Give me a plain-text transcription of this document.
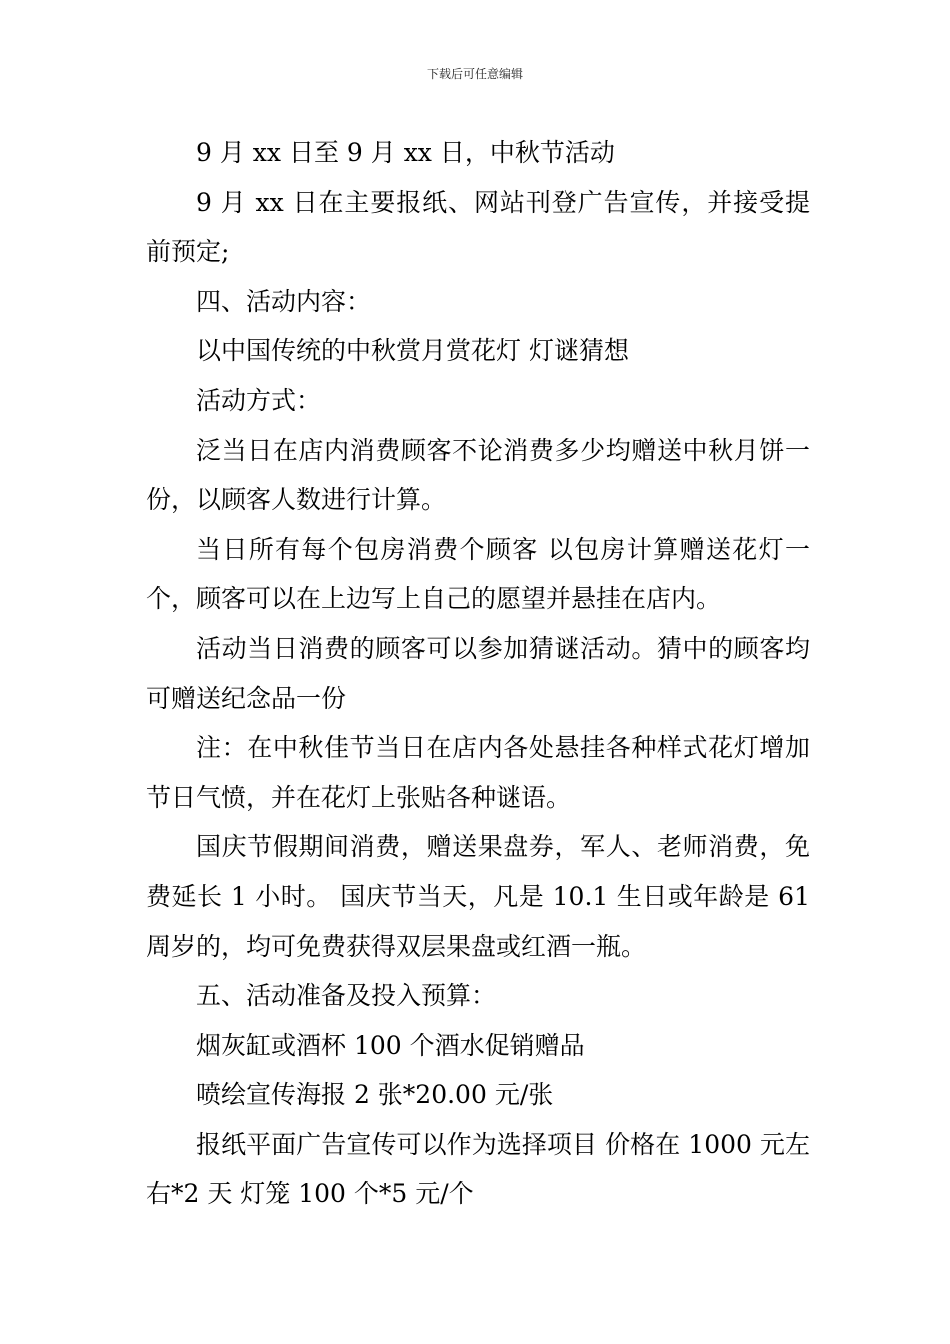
下载后可任意编辑

9 月 xx 日至 9 月 xx 日，中秋节活动

9 月 xx 日在主要报纸、网站刊登广告宣传，并接受提前预定;

四、活动内容：

以中国传统的中秋赏月赏花灯 灯谜猜想

活动方式：

泛当日在店内消费顾客不论消费多少均赠送中秋月饼一份，以顾客人数进行计算。

当日所有每个包房消费个顾客 以包房计算赠送花灯一个，顾客可以在上边写上自己的愿望并悬挂在店内。

活动当日消费的顾客可以参加猜谜活动。猜中的顾客均可赠送纪念品一份

注：在中秋佳节当日在店内各处悬挂各种样式花灯增加节日气愤，并在花灯上张贴各种谜语。

国庆节假期间消费，赠送果盘券，军人、老师消费，免费延长 1 小时。 国庆节当天，凡是 10.1 生日或年龄是 61 周岁的，均可免费获得双层果盘或红酒一瓶。

五、活动准备及投入预算：

烟灰缸或酒杯 100 个酒水促销赠品

喷绘宣传海报 2 张*20.00 元/张

报纸平面广告宣传可以作为选择项目 价格在 1000 元左右*2 天 灯笼 100 个*5 元/个
